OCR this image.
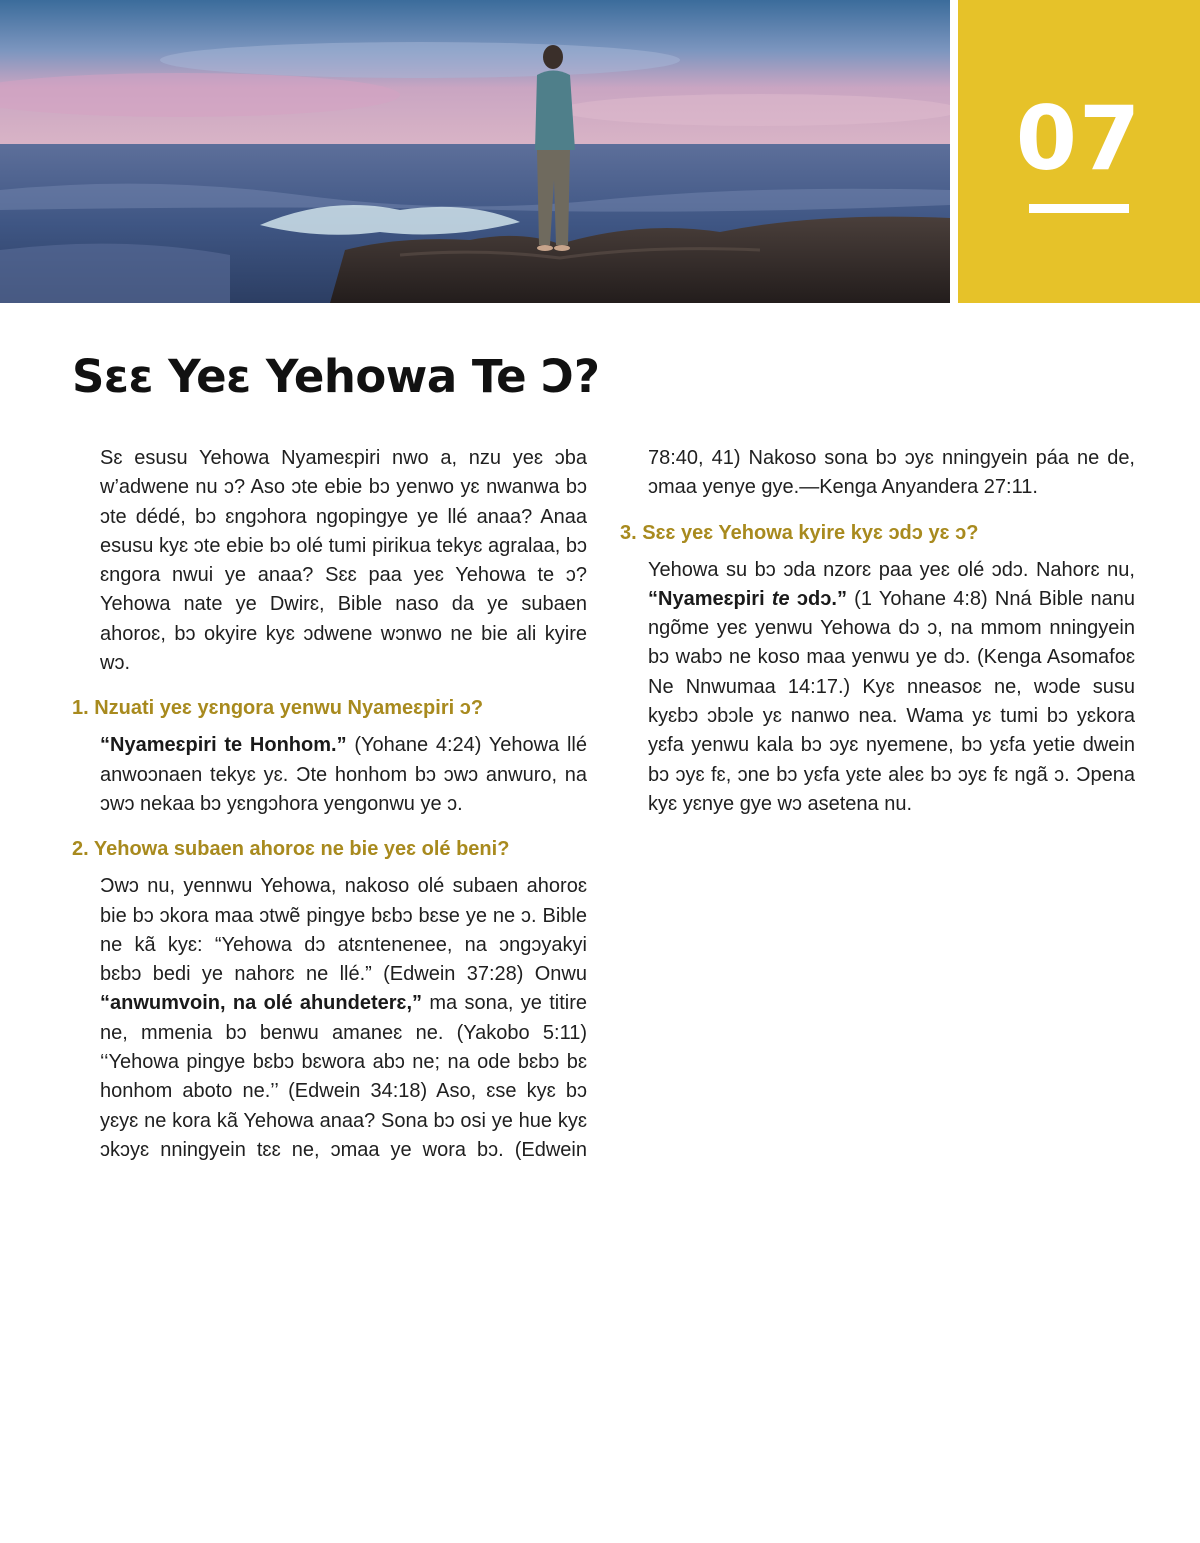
07
Sɛɛ Yeɛ Yehowa Te Ɔ?

Sɛ esusu Yehowa Nyameɛpiri nwo a, nzu yeɛ ɔba w’adwene nu ɔ? Aso ɔte ebie bɔ yenwo yɛ nwanwa bɔ ɔte dédé, bɔ ɛngɔhora ngopingye ye llé anaa? Anaa esusu kyɛ ɔte ebie bɔ olé tumi pirikua tekyɛ agralaa, bɔ ɛngora nwui ye anaa? Sɛɛ paa yeɛ Yehowa te ɔ? Yehowa nate ye Dwirɛ, Bible naso da ye subaen ahoroɛ, bɔ okyire kyɛ ɔdwene wɔnwo ne bie ali kyire wɔ.

1. Nzuati yeɛ yɛngora yenwu Nyameɛpiri ɔ?

“Nyameɛpiri te Honhom.” (Yohane 4:24) Yehowa llé anwoɔnaen tekyɛ yɛ. Ɔte honhom bɔ ɔwɔ anwuro, na ɔwɔ nekaa bɔ yɛngɔhora yengonwu ye ɔ.

2. Yehowa subaen ahoroɛ ne bie yeɛ olé beni?

Ɔwɔ nu, yennwu Yehowa, nakoso olé subaen ahoroɛ bie bɔ ɔkora maa ɔtwẽ pingye bɛbɔ bɛse ye ne ɔ. Bible ne kã kyɛ: “Yehowa dɔ atɛntenenee, na ɔngɔyakyi bɛbɔ bedi ye nahorɛ ne llé.” (Edwein 37:28) Onwu “anwumvoin, na olé ahundeterɛ,” ma sona, ye titire ne, mmenia bɔ benwu amaneɛ ne. (Yakobo 5:11) ‘‘Yehowa pingye bɛbɔ bɛwora abɔ ne; na ode bɛbɔ bɛ honhom aboto ne.’’ (Edwein 34:18) Aso, ɛse kyɛ bɔ yɛyɛ ne kora kã Yehowa anaa? Sona bɔ osi ye hue kyɛ ɔkɔyɛ nningyein tɛɛ ne, ɔmaa ye wora bɔ. (Edwein

78:40, 41) Nakoso sona bɔ ɔyɛ nningyein páa ne de, ɔmaa yenye gye.—Kenga Anyandera 27:11.

3. Sɛɛ yeɛ Yehowa kyire kyɛ ɔdɔ yɛ ɔ?

Yehowa su bɔ ɔda nzorɛ paa yeɛ olé ɔdɔ. Nahorɛ nu, “Nyameɛpiri te ɔdɔ.” (1 Yohane 4:8) Nná Bible nanu ngõme yeɛ yenwu Yehowa dɔ ɔ, na mmom nningyein bɔ wabɔ ne koso maa yenwu ye dɔ. (Kenga Asomafoɛ Ne Nnwumaa 14:17.) Kyɛ nneasoɛ ne, wɔde susu kyɛbɔ ɔbɔle yɛ nanwo nea. Wama yɛ tumi bɔ yɛkora yɛfa yenwu kala bɔ ɔyɛ nyemene, bɔ yɛfa yetie dwein bɔ ɔyɛ fɛ, ɔne bɔ yɛfa yɛte aleɛ bɔ ɔyɛ fɛ ngã ɔ. Ɔpena kyɛ yɛnye gye wɔ asetena nu.
